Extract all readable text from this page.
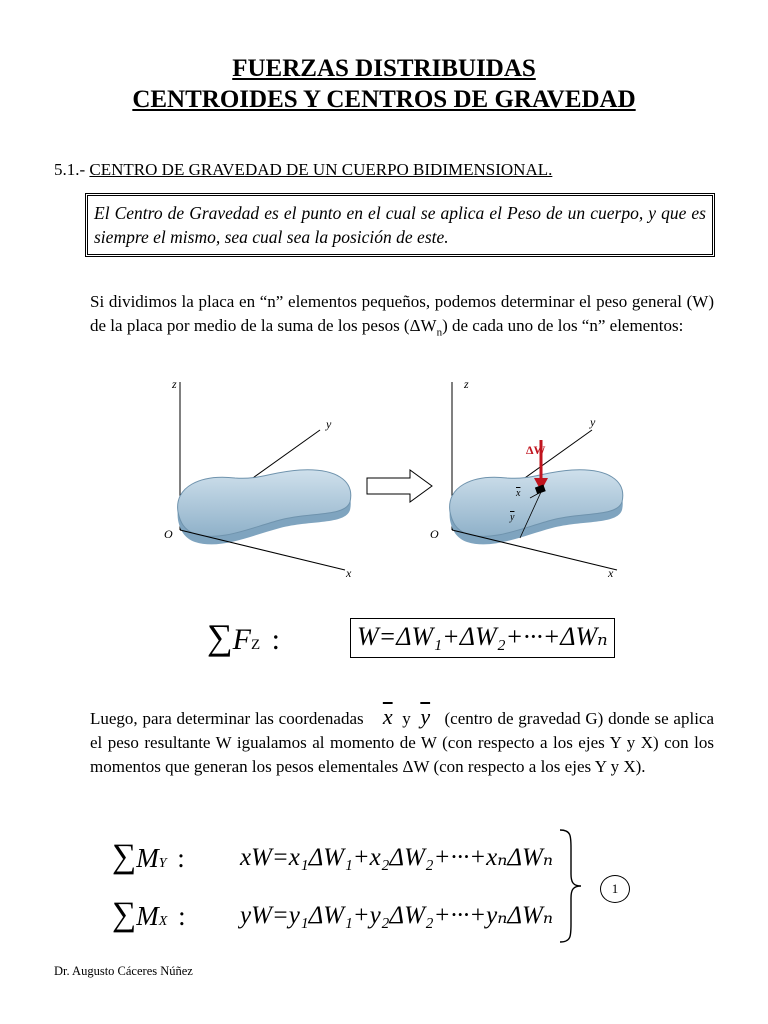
FUERZAS DISTRIBUIDAS
CENTROIDES Y CENTROS DE GRAVEDAD

5.1.- CENTRO DE GRAVEDAD DE UN CUERPO BIDIMENSIONAL.

El Centro de Gravedad es el punto en el cual se aplica el Peso de un cuerpo, y que es siempre el mismo, sea cual sea la posición de este.

Si dividimos la placa en “n” elementos pequeños, podemos determinar el peso general (W) de la placa por medio de la suma de los pesos $(\Delta W_n)$ de cada uno de los “n” elementos:

z
y
O
x
z
y
O
x
ΔW
x
y
∑FZ :	W=ΔW₁+ΔW₂+···+ΔWₙ

Luego, para determinar las coordenadas $\overline{x}$ y $\overline{y}$ (centro de gravedad G) donde se aplica el peso resultante W igualamos al momento de W (con respecto a los ejes Y y X) con los momentos que generan los pesos elementales ΔW (con respecto a los ejes Y y X).

∑MY : xW=x₁ΔW₁+x₂ΔW₂+···+xₙΔWₙ
∑MX : yW=y₁ΔW₁+y₂ΔW₂+···+yₙΔWₙ
1
Dr. Augusto Cáceres Núñez
